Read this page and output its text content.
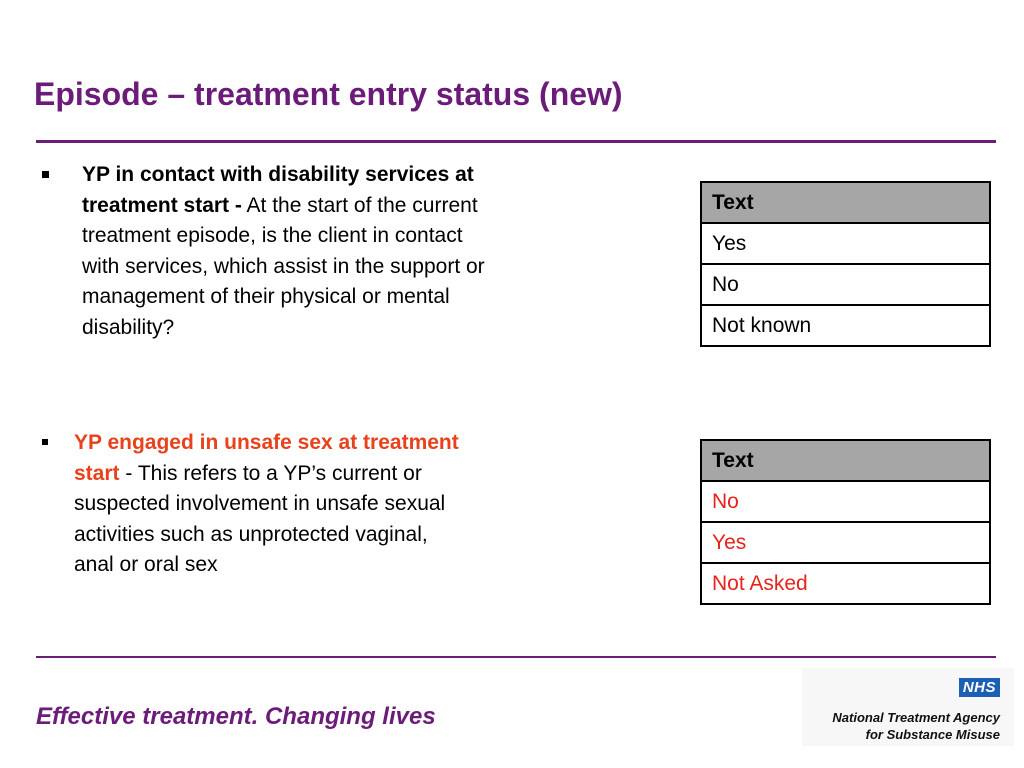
Episode – treatment entry status (new)
YP in contact with disability services at treatment start - At the start of the current treatment episode, is the client in contact with services, which assist in the support or management of their physical or mental disability?
YP engaged in unsafe sex at treatment start - This refers to a YP’s current or suspected involvement in unsafe sexual activities such as unprotected vaginal, anal or oral sex
Text
Yes
No
Not known
Text
No
Yes
Not Asked
Effective treatment. Changing lives
NHS
National Treatment Agency
for Substance Misuse
